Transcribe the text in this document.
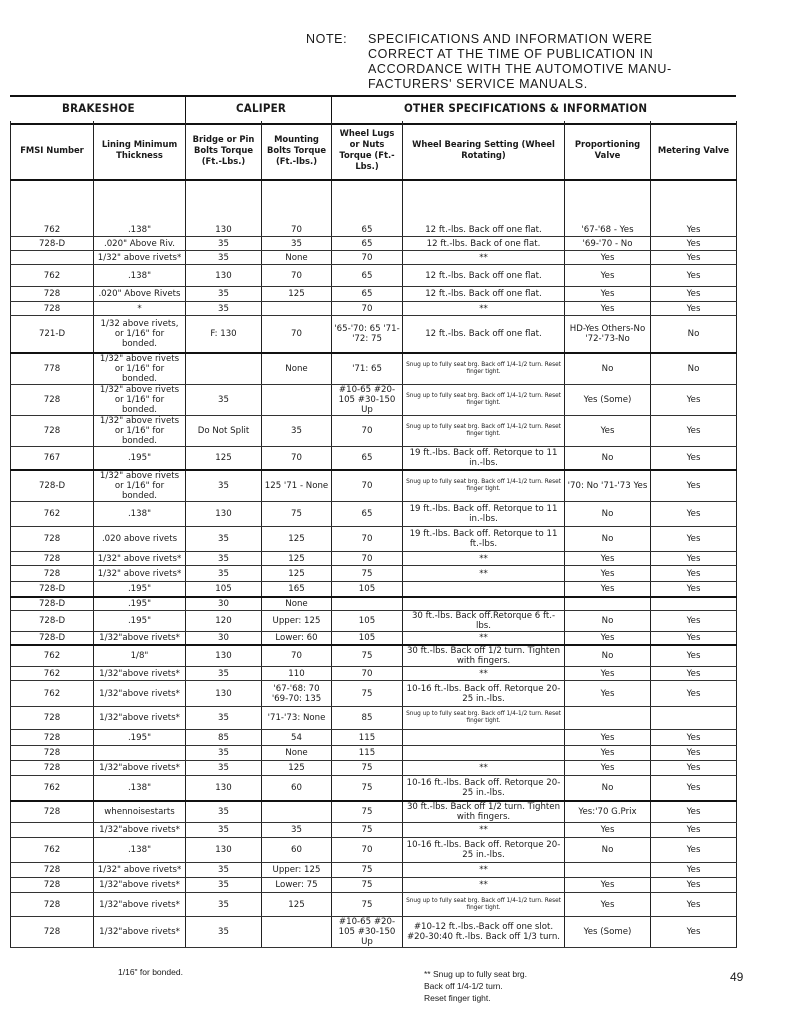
NOTE: SPECIFICATIONS AND INFORMATION WERE
CORRECT AT THE TIME OF PUBLICATION IN
ACCORDANCE WITH THE AUTOMOTIVE MANU-
FACTURERS' SERVICE MANUALS.
BRAKESHOE	CALIPER	OTHER SPECIFICATIONS & INFORMATION
FMSI Number	Lining Minimum Thickness	Bridge or Pin Bolts Torque (Ft.-Lbs.)	Mounting Bolts Torque (Ft.-lbs.)	Wheel Lugs or Nuts Torque (Ft.-Lbs.)	Wheel Bearing Setting (Wheel Rotating)	Proportioning Valve	Metering Valve

762	.138"	130	70	65	12 ft.-lbs. Back off one flat.	'67-'68 - Yes	Yes
728-D	.020" Above Riv.	35	35	65	12 ft.-lbs. Back of one flat.	'69-'70 - No	Yes
	1/32" above rivets*	35	None	70	**	Yes	Yes
762	.138"	130	70	65	12 ft.-lbs. Back off one flat.	Yes	Yes
728	.020" Above Rivets	35	125	65	12 ft.-lbs. Back off one flat.	Yes	Yes
728	*	35		70	**	Yes	Yes
721-D	1/32 above rivets, or 1/16" for bonded.	F: 130	70	'65-'70: 65 '71-'72: 75	12 ft.-lbs. Back off one flat.	HD-Yes Others-No '72-'73-No	No
778	1/32" above rivets or 1/16" for bonded.		None	'71: 65	Snug up to fully seat brg. Back off 1/4-1/2 turn. Reset finger tight.	No	No
728	1/32" above rivets or 1/16" for bonded.	35		#10-65 #20-105 #30-150 Up	Snug up to fully seat brg. Back off 1/4-1/2 turn. Reset finger tight.	Yes (Some)	Yes
728	1/32" above rivets or 1/16" for bonded.	Do Not Split	35	70	Snug up to fully seat brg. Back off 1/4-1/2 turn. Reset finger tight.	Yes	Yes
767	.195"	125	70	65	19 ft.-lbs. Back off. Retorque to 11 in.-lbs.	No	Yes
728-D	1/32" above rivets or 1/16" for bonded.	35	125 '71 - None	70	Snug up to fully seat brg. Back off 1/4-1/2 turn. Reset finger tight.	'70: No '71-'73 Yes	Yes
762	.138"	130	75	65	19 ft.-lbs. Back off. Retorque to 11 in.-lbs.	No	Yes
728	.020 above rivets	35	125	70	19 ft.-lbs. Back off. Retorque to 11 ft.-lbs.	No	Yes
728	1/32" above rivets*	35	125	70	**	Yes	Yes
728	1/32" above rivets*	35	125	75	**	Yes	Yes
728-D	.195"	105	165	105		Yes	Yes
728-D	.195"	30	None				
728-D	.195"	120	Upper: 125	105	30 ft.-lbs. Back off.Retorque 6 ft.-lbs.	No	Yes
728-D	1/32"above rivets*	30	Lower: 60	105	**	Yes	Yes
762	1/8"	130	70	75	30 ft.-lbs. Back off 1/2 turn. Tighten with fingers.	No	Yes
762	1/32"above rivets*	35	110	70	**	Yes	Yes
762	1/32"above rivets*	130	'67-'68: 70 '69-70: 135	75	10-16 ft.-lbs. Back off. Retorque 20-25 in.-lbs.	Yes	Yes
728	1/32"above rivets*	35	'71-'73: None	85	Snug up to fully seat brg. Back off 1/4-1/2 turn. Reset finger tight.		
728	.195"	85	54	115		Yes	Yes
728		35	None	115		Yes	Yes
728	1/32"above rivets*	35	125	75	**	Yes	Yes
762	.138"	130	60	75	10-16 ft.-lbs. Back off. Retorque 20-25 in.-lbs.	No	Yes
728	whennoisestarts	35		75	30 ft.-lbs. Back off 1/2 turn. Tighten with fingers.	Yes:'70 G.Prix	Yes
	1/32"above rivets*	35	35	75	**	Yes	Yes
762	.138"	130	60	70	10-16 ft.-lbs. Back off. Retorque 20-25 in.-lbs.	No	Yes
728	1/32" above rivets*	35	Upper: 125	75	**		Yes
728	1/32"above rivets*	35	Lower: 75	75	**	Yes	Yes
728	1/32"above rivets*	35	125	75	Snug up to fully seat brg. Back off 1/4-1/2 turn. Reset finger tight.	Yes	Yes
728	1/32"above rivets*	35		#10-65 #20-105 #30-150 Up	#10-12 ft.-lbs.-Back off one slot. #20-30:40 ft.-lbs. Back off 1/3 turn.	Yes (Some)	Yes
1/16" for bonded.	** Snug up to fully seat brg.
Back off 1/4-1/2 turn.
Reset finger tight.
49
